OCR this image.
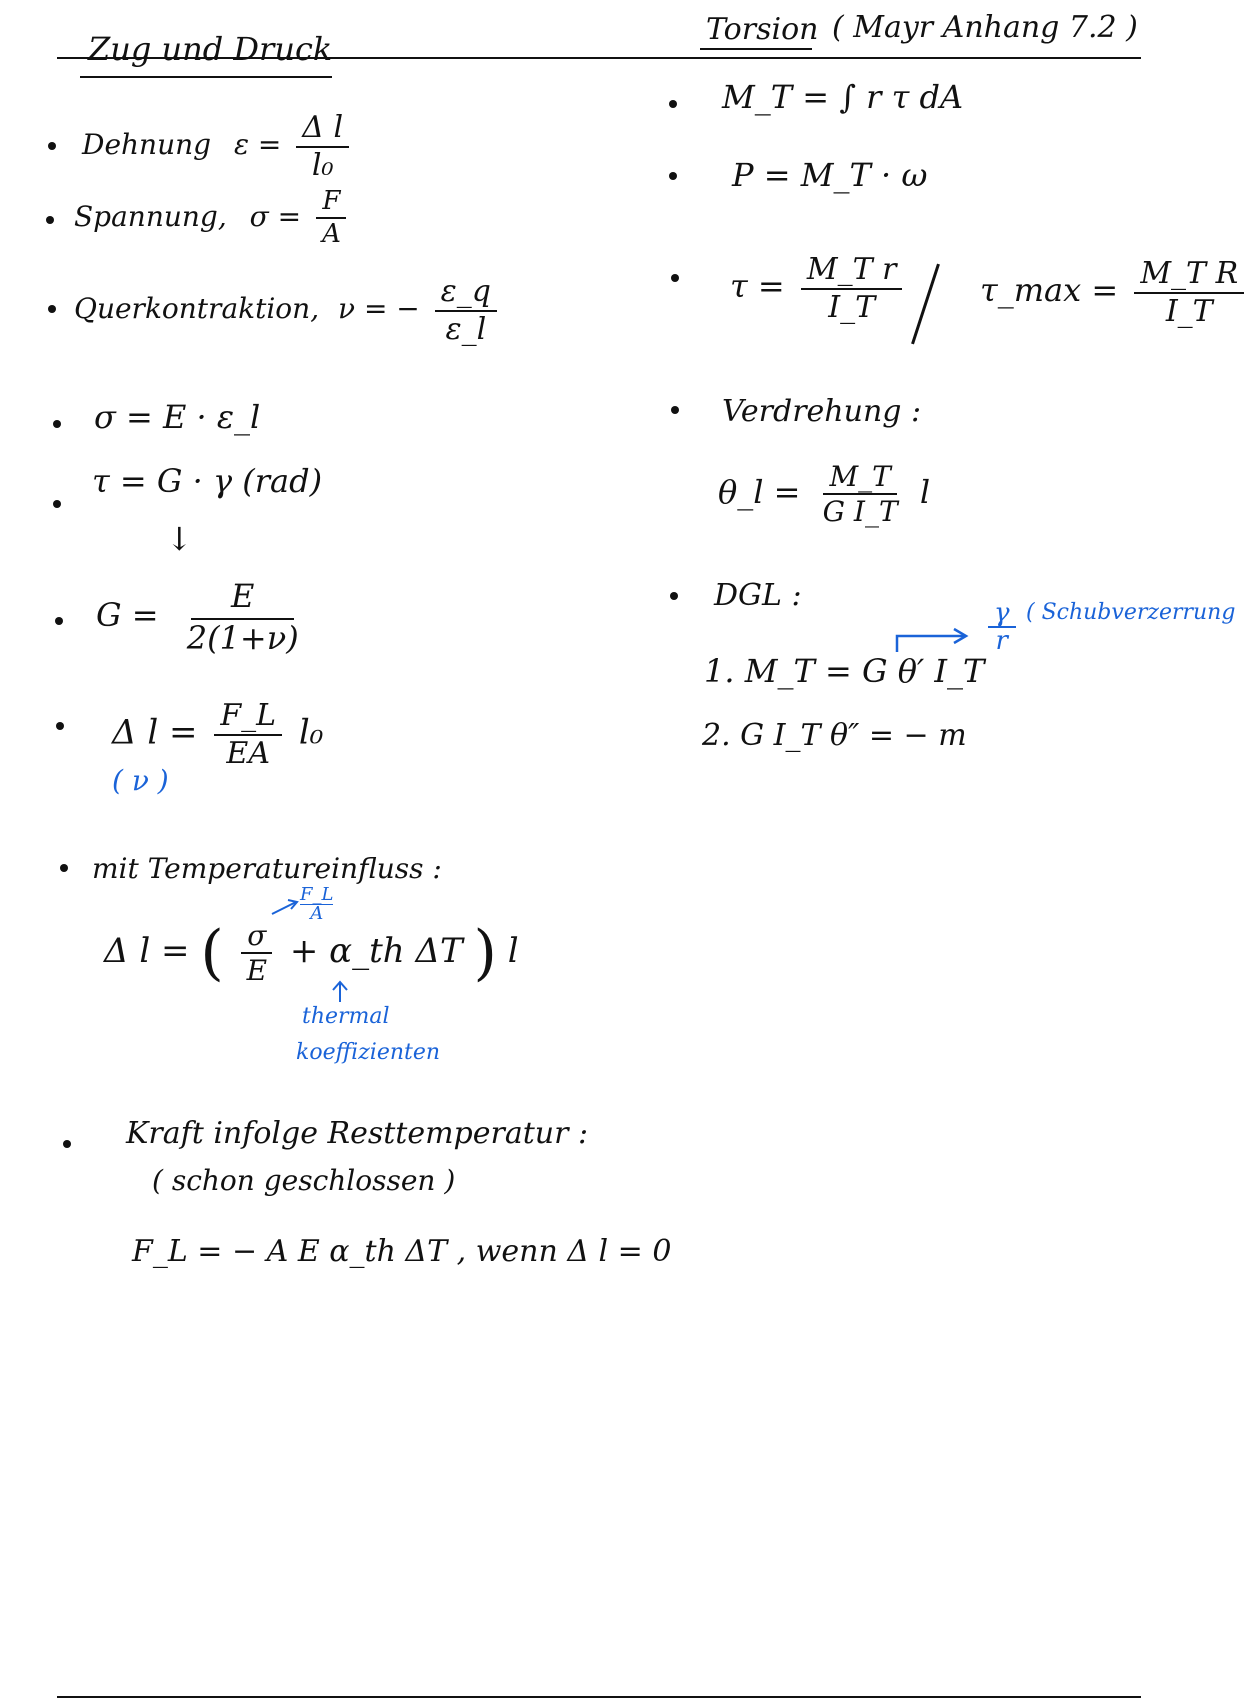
Zug und Druck
Dehnung $\varepsilon = \frac{\text{Δ l}}{\text{l₀}}$
Spannung, $\sigma = \frac{F}{A}$
Querkontraktion, ν = − $\frac{\varepsilon\_q}{\varepsilon\_l}$
σ = E · ε_l
τ = G · γ (rad)
↓
$G = \frac{E}{2(1+\nu)}$
Δ $l = \frac{F\_L}{EA} l_0$
( ν )
mit Temperatureinfluss :
$\frac{F\_L}{A}$
Δ l = ( $\frac{\sigma}{E}$ + α_th ΔT ) l
thermal
koeffizienten
Kraft infolge Resttemperatur :
( schon geschlossen )
F_L = − A E α_th ΔT , wenn Δ l = 0
Torsion ( Mayr Anhang 7.2 )
M_T = ∫ r τ dA
P = M_T · ω
$\tau = \frac{\text{M\_T r}}{I\_T}$ τ_max = $\frac{\text{M\_T R}}{I\_T}$
Verdrehung :
θ_l = $\frac{M\_T}{\text{G I\_T}}$ l
DGL :
$\frac{\gamma}{r}$ ( Schubverzerrung
1. M_T = G θ′ I_T
2. G I_T θ″ = − m
